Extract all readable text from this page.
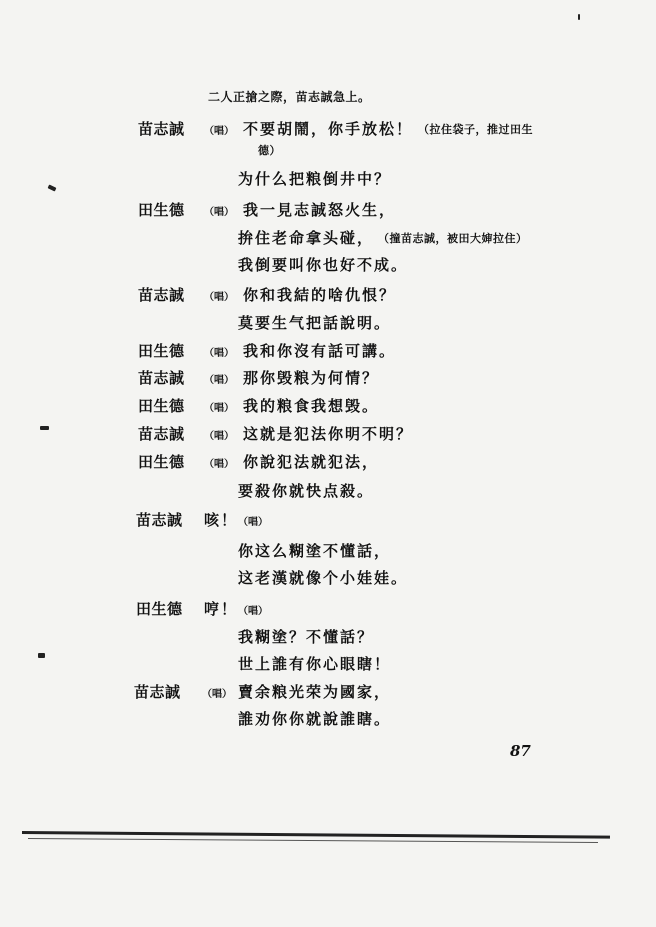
二人正搶之際，苗志誠急上。
苗志誠 （唱） 不要胡鬧，你手放松！ （拉住袋子，推过田生
德）
为什么把粮倒井中？
田生德 （唱） 我一見志誠怒火生，
拚住老命拿头碰， （撞苗志誠，被田大婶拉住）
我倒要叫你也好不成。
苗志誠 （唱） 你和我結的啥仇恨？
莫要生气把話說明。
田生德 （唱） 我和你沒有話可講。
苗志誠 （唱） 那你毁粮为何情？
田生德 （唱） 我的粮食我想毁。
苗志誠 （唱） 这就是犯法你明不明？
田生德 （唱） 你說犯法就犯法，
要殺你就快点殺。
苗志誠 咳！ （唱）
你这么糊塗不懂話，
这老漢就像个小娃娃。
田生德 哼！ （唱）
我糊塗？不懂話？
世上誰有你心眼瞎！
苗志誠 （唱） 賣余粮光荣为國家，
誰劝你你就說誰瞎。
87
